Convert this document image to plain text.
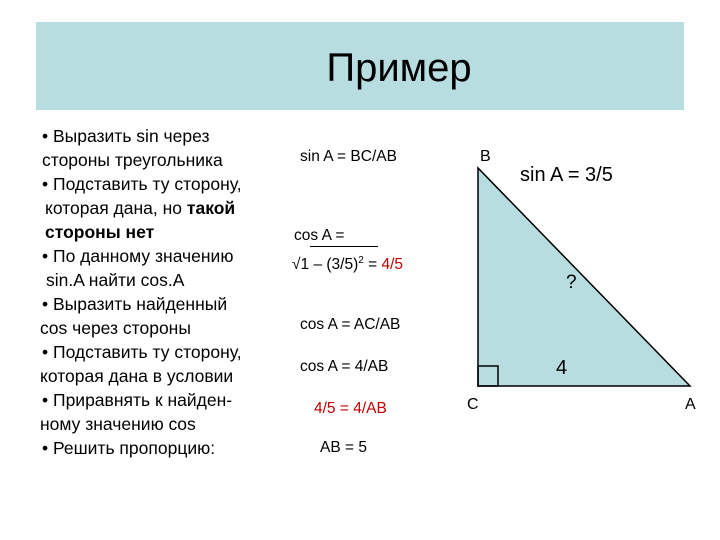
Пример
• Выразить sin через
стороны треугольника
• Подставить ту сторону,
которая дана, но такой
стороны нет
• По данному значению
sin.A найти cos.A
• Выразить найденный
cos через стороны
• Подставить ту сторону,
которая дана в условии
• Приравнять к найден-
ному значению cos
• Решить пропорцию:
sin A = BC/AB
cos A =
$√1 - (3/5)^2 = 4/5$
cos A = AC/AB
cos A = 4/AB
4/5 = 4/AB
AB = 5
B
C	A
sin A = 3/5
?
4
